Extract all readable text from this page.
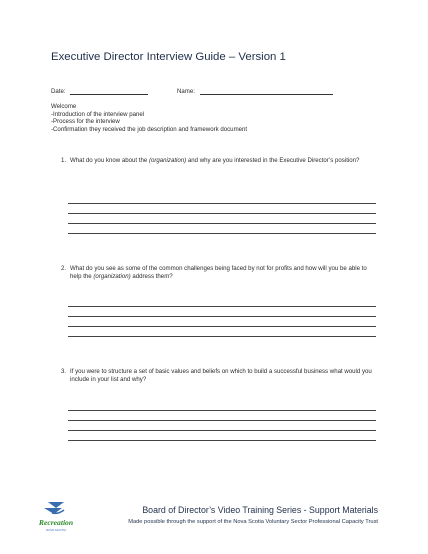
Executive Director Interview Guide – Version 1
Date:	Name:
Welcome
-Introduction of the interview panel
-Process for the interview
-Confirmation they received the job description and framework document
1. What do you know about the (organization) and why are you interested in the Executive Director’s position?
2. What do you see as some of the common challenges being faced by not for profits and how will you be able to help the (organization) address them?
3. If you were to structure a set of basic values and beliefs on which to build a successful business what would you include in your list and why?
Recreation
NOVA SCOTIA
Board of Director’s Video Training Series - Support Materials
Made possible through the support of the Nova Scotia Voluntary Sector Professional Capacity Trust
